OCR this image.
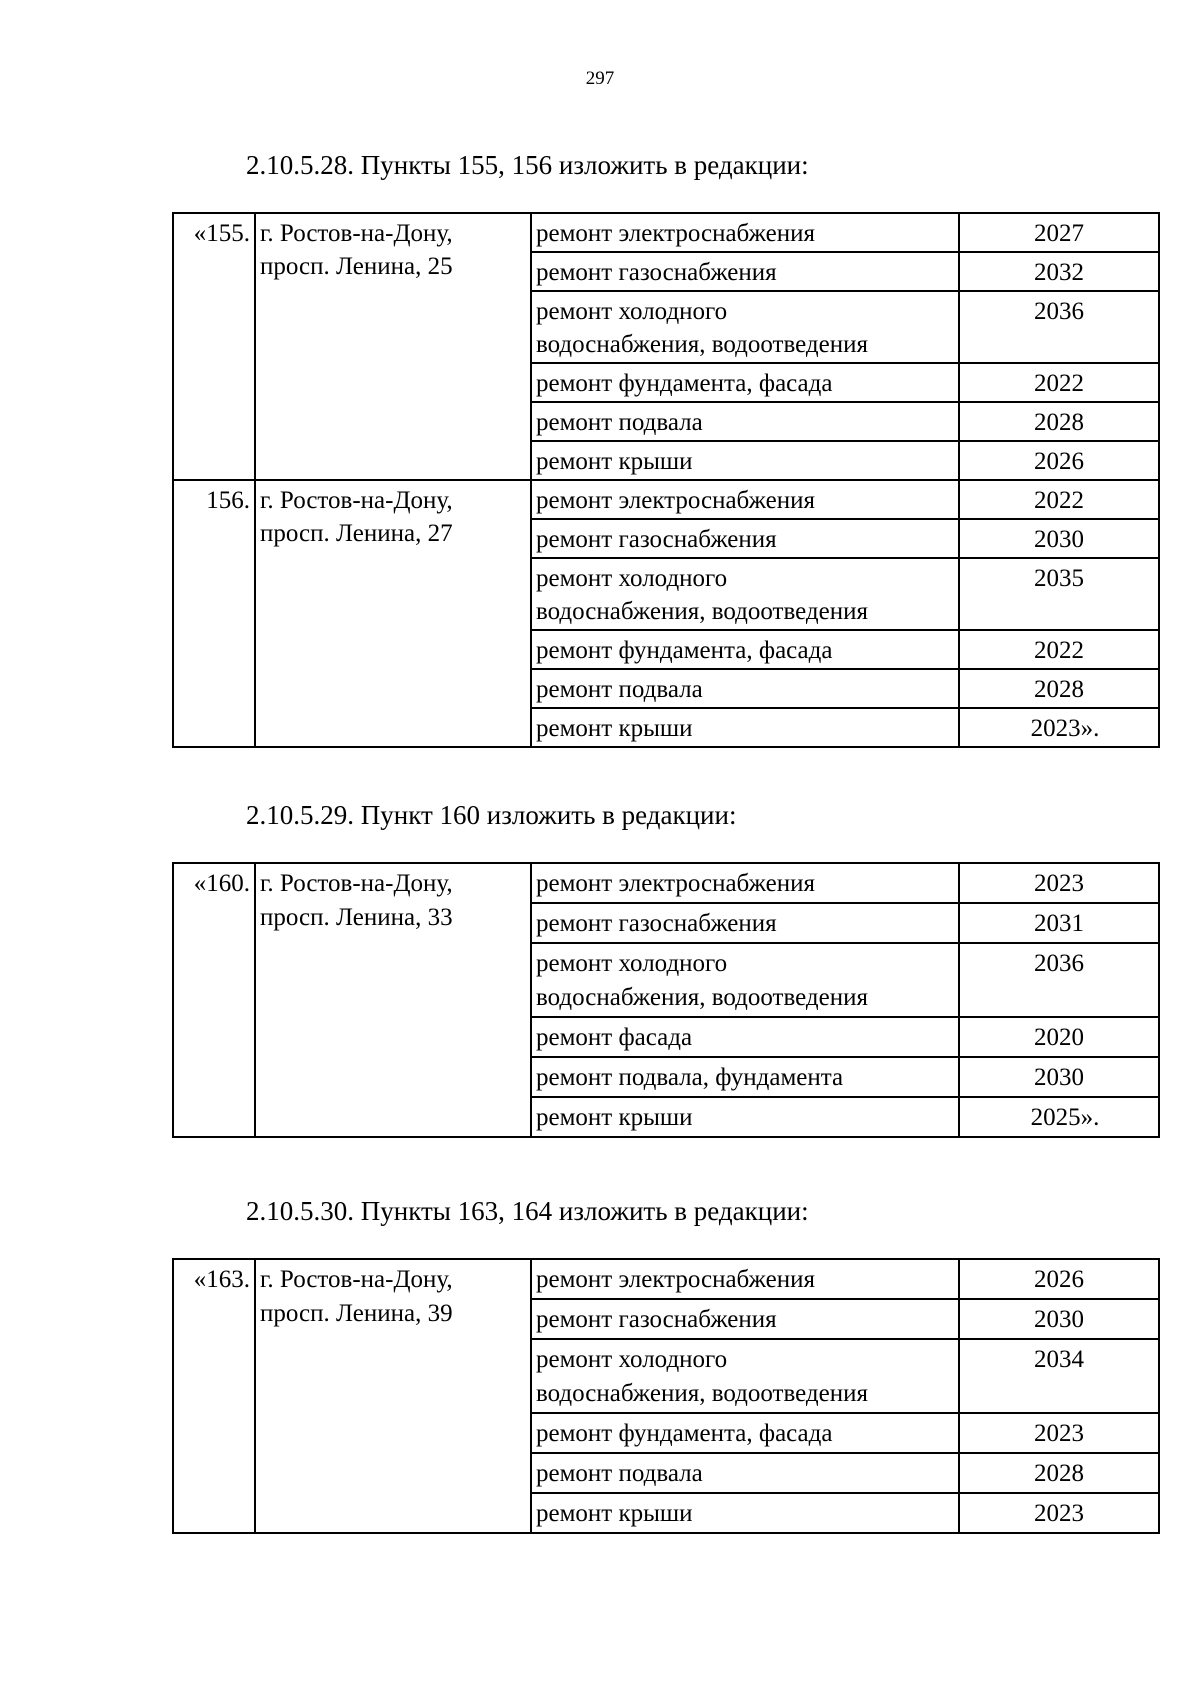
297
2.10.5.28. Пункты 155, 156 изложить в редакции:
«155.	г. Ростов-на-Дону,
просп. Ленина, 25	ремонт электроснабжения	2027
		ремонт газоснабжения	2032
		ремонт холодного
водоснабжения, водоотведения	2036
		ремонт фундамента, фасада	2022
		ремонт подвала	2028
		ремонт крыши	2026
156.	г. Ростов-на-Дону,
просп. Ленина, 27	ремонт электроснабжения	2022
		ремонт газоснабжения	2030
		ремонт холодного
водоснабжения, водоотведения	2035
		ремонт фундамента, фасада	2022
		ремонт подвала	2028
		ремонт крыши	2023».
2.10.5.29. Пункт 160 изложить в редакции:
«160.	г. Ростов-на-Дону,
просп. Ленина, 33	ремонт электроснабжения	2023
		ремонт газоснабжения	2031
		ремонт холодного
водоснабжения, водоотведения	2036
		ремонт фасада	2020
		ремонт подвала, фундамента	2030
		ремонт крыши	2025».
2.10.5.30. Пункты 163, 164 изложить в редакции:
«163.	г. Ростов-на-Дону,
просп. Ленина, 39	ремонт электроснабжения	2026
		ремонт газоснабжения	2030
		ремонт холодного
водоснабжения, водоотведения	2034
		ремонт фундамента, фасада	2023
		ремонт подвала	2028
		ремонт крыши	2023
